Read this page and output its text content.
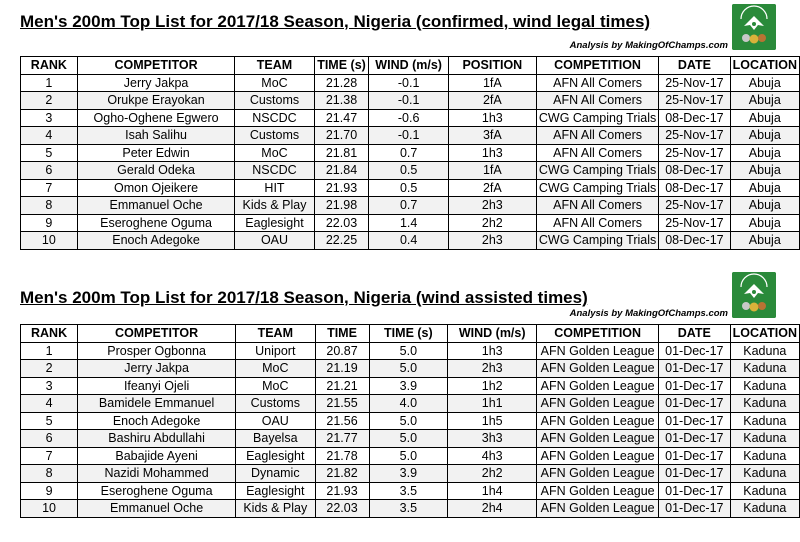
Men's 200m Top List for 2017/18 Season, Nigeria (confirmed, wind legal times)
Analysis by MakingOfChamps.com
RANK	COMPETITOR	TEAM	TIME (s)	WIND (m/s)	POSITION	COMPETITION	DATE	LOCATION
1	Jerry Jakpa	MoC	21.28	-0.1	1fA	AFN All Comers	25-Nov-17	Abuja
2	Orukpe Erayokan	Customs	21.38	-0.1	2fA	AFN All Comers	25-Nov-17	Abuja
3	Ogho-Oghene Egwero	NSCDC	21.47	-0.6	1h3	CWG Camping Trials	08-Dec-17	Abuja
4	Isah Salihu	Customs	21.70	-0.1	3fA	AFN All Comers	25-Nov-17	Abuja
5	Peter Edwin	MoC	21.81	0.7	1h3	AFN All Comers	25-Nov-17	Abuja
6	Gerald Odeka	NSCDC	21.84	0.5	1fA	CWG Camping Trials	08-Dec-17	Abuja
7	Omon Ojeikere	HIT	21.93	0.5	2fA	CWG Camping Trials	08-Dec-17	Abuja
8	Emmanuel Oche	Kids & Play	21.98	0.7	2h3	AFN All Comers	25-Nov-17	Abuja
9	Eseroghene Oguma	Eaglesight	22.03	1.4	2h2	AFN All Comers	25-Nov-17	Abuja
10	Enoch Adegoke	OAU	22.25	0.4	2h3	CWG Camping Trials	08-Dec-17	Abuja
Men's 200m Top List for 2017/18 Season, Nigeria (wind assisted times)
Analysis by MakingOfChamps.com
RANK	COMPETITOR	TEAM	TIME	TIME (s)	WIND (m/s)	COMPETITION	DATE	LOCATION
1	Prosper Ogbonna	Uniport	20.87	5.0	1h3	AFN Golden League	01-Dec-17	Kaduna
2	Jerry Jakpa	MoC	21.19	5.0	2h3	AFN Golden League	01-Dec-17	Kaduna
3	Ifeanyi Ojeli	MoC	21.21	3.9	1h2	AFN Golden League	01-Dec-17	Kaduna
4	Bamidele Emmanuel	Customs	21.55	4.0	1h1	AFN Golden League	01-Dec-17	Kaduna
5	Enoch Adegoke	OAU	21.56	5.0	1h5	AFN Golden League	01-Dec-17	Kaduna
6	Bashiru Abdullahi	Bayelsa	21.77	5.0	3h3	AFN Golden League	01-Dec-17	Kaduna
7	Babajide Ayeni	Eaglesight	21.78	5.0	4h3	AFN Golden League	01-Dec-17	Kaduna
8	Nazidi Mohammed	Dynamic	21.82	3.9	2h2	AFN Golden League	01-Dec-17	Kaduna
9	Eseroghene Oguma	Eaglesight	21.93	3.5	1h4	AFN Golden League	01-Dec-17	Kaduna
10	Emmanuel Oche	Kids & Play	22.03	3.5	2h4	AFN Golden League	01-Dec-17	Kaduna
